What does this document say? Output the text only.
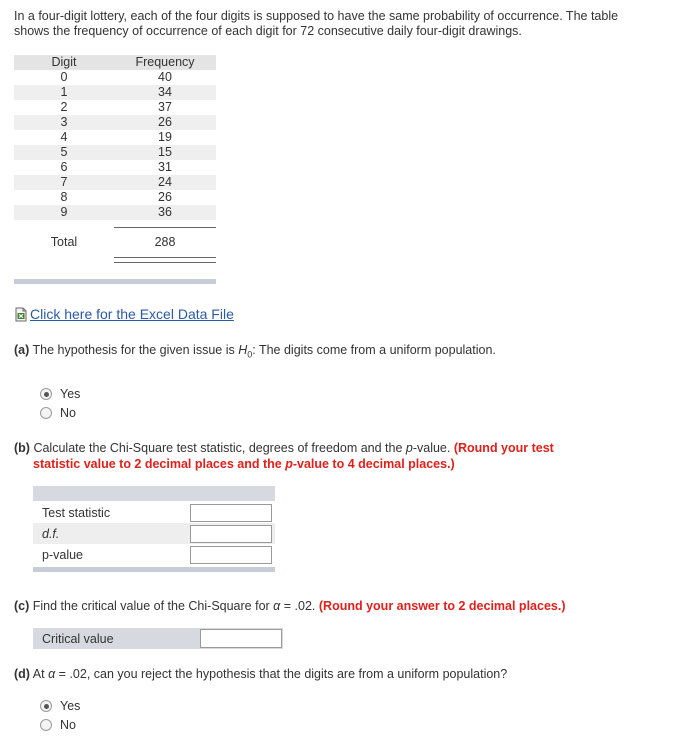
In a four-digit lottery, each of the four digits is supposed to have the same probability of occurrence. The table shows the frequency of occurrence of each digit for 72 consecutive daily four-digit drawings.
Digit	Frequency
0	40
1	34
2	37
3	26
4	19
5	15
6	31
7	24
8	26
9	36
Total	288
Click here for the Excel Data File
(a) The hypothesis for the given issue is $H_0$: The digits come from a uniform population.
Yes
No
(b) Calculate the Chi-Square test statistic, degrees of freedom and the p-value. (Round your test
statistic value to 2 decimal places and the p-value to 4 decimal places.)
Test statistic
d.f.
p-value
(c) Find the critical value of the Chi-Square for α = .02. (Round your answer to 2 decimal places.)
Critical value
(d) At α = .02, can you reject the hypothesis that the digits are from a uniform population?
Yes
No
